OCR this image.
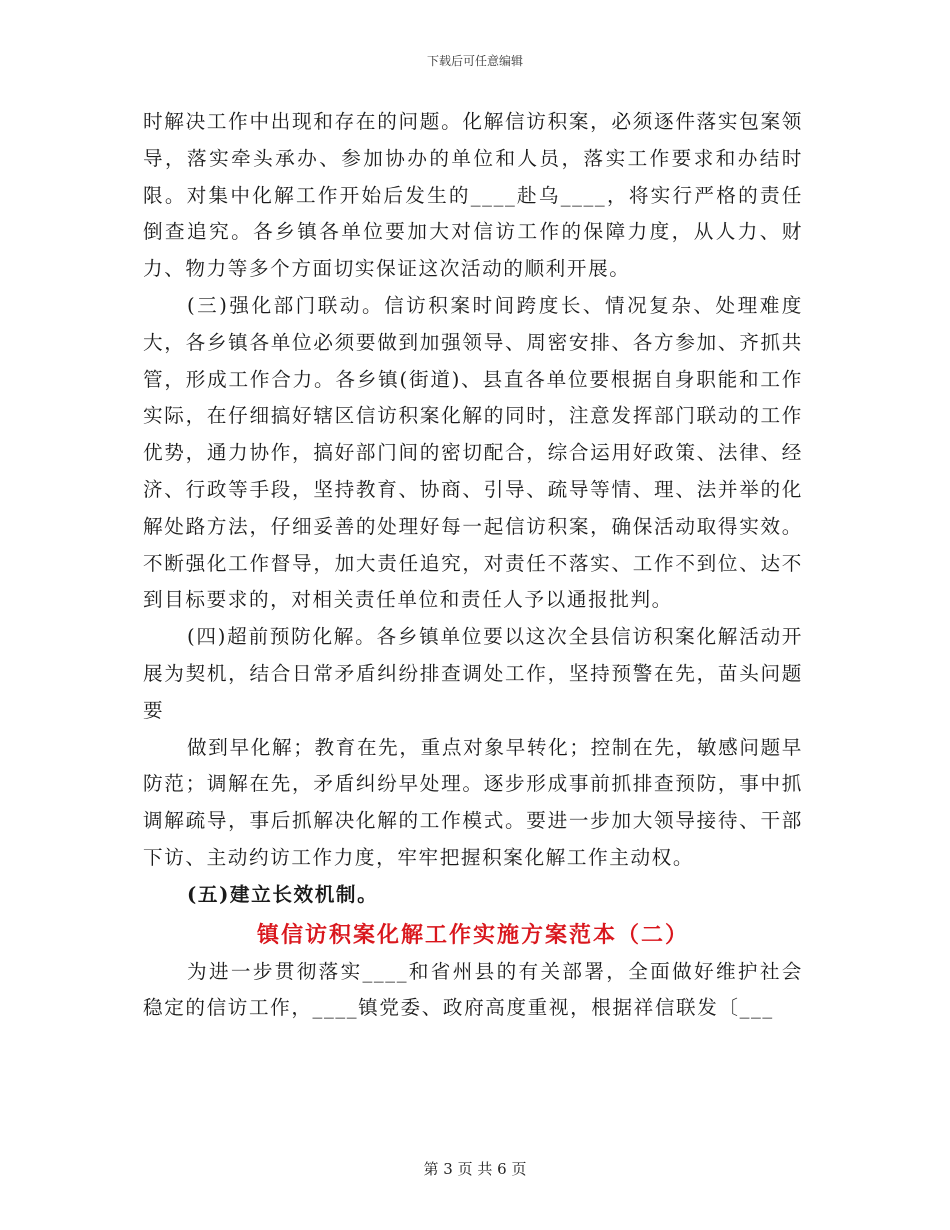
下载后可任意编辑

时解决工作中出现和存在的问题。化解信访积案，必须逐件落实包案领导，落实牵头承办、参加协办的单位和人员，落实工作要求和办结时限。对集中化解工作开始后发生的____赴乌____，将实行严格的责任倒查追究。各乡镇各单位要加大对信访工作的保障力度，从人力、财力、物力等多个方面切实保证这次活动的顺利开展。

(三)强化部门联动。信访积案时间跨度长、情况复杂、处理难度大，各乡镇各单位必须要做到加强领导、周密安排、各方参加、齐抓共管，形成工作合力。各乡镇(街道)、县直各单位要根据自身职能和工作实际，在仔细搞好辖区信访积案化解的同时，注意发挥部门联动的工作优势，通力协作，搞好部门间的密切配合，综合运用好政策、法律、经济、行政等手段，坚持教育、协商、引导、疏导等情、理、法并举的化解处路方法，仔细妥善的处理好每一起信访积案，确保活动取得实效。不断强化工作督导，加大责任追究，对责任不落实、工作不到位、达不到目标要求的，对相关责任单位和责任人予以通报批判。

(四)超前预防化解。各乡镇单位要以这次全县信访积案化解活动开展为契机，结合日常矛盾纠纷排查调处工作，坚持预警在先，苗头问题要

做到早化解；教育在先，重点对象早转化；控制在先，敏感问题早防范；调解在先，矛盾纠纷早处理。逐步形成事前抓排查预防，事中抓调解疏导，事后抓解决化解的工作模式。要进一步加大领导接待、干部下访、主动约访工作力度，牢牢把握积案化解工作主动权。

(五)建立长效机制。

镇信访积案化解工作实施方案范本（二）

为进一步贯彻落实____和省州县的有关部署，全面做好维护社会稳定的信访工作，____镇党委、政府高度重视，根据祥信联发〔___

第 3 页 共 6 页
